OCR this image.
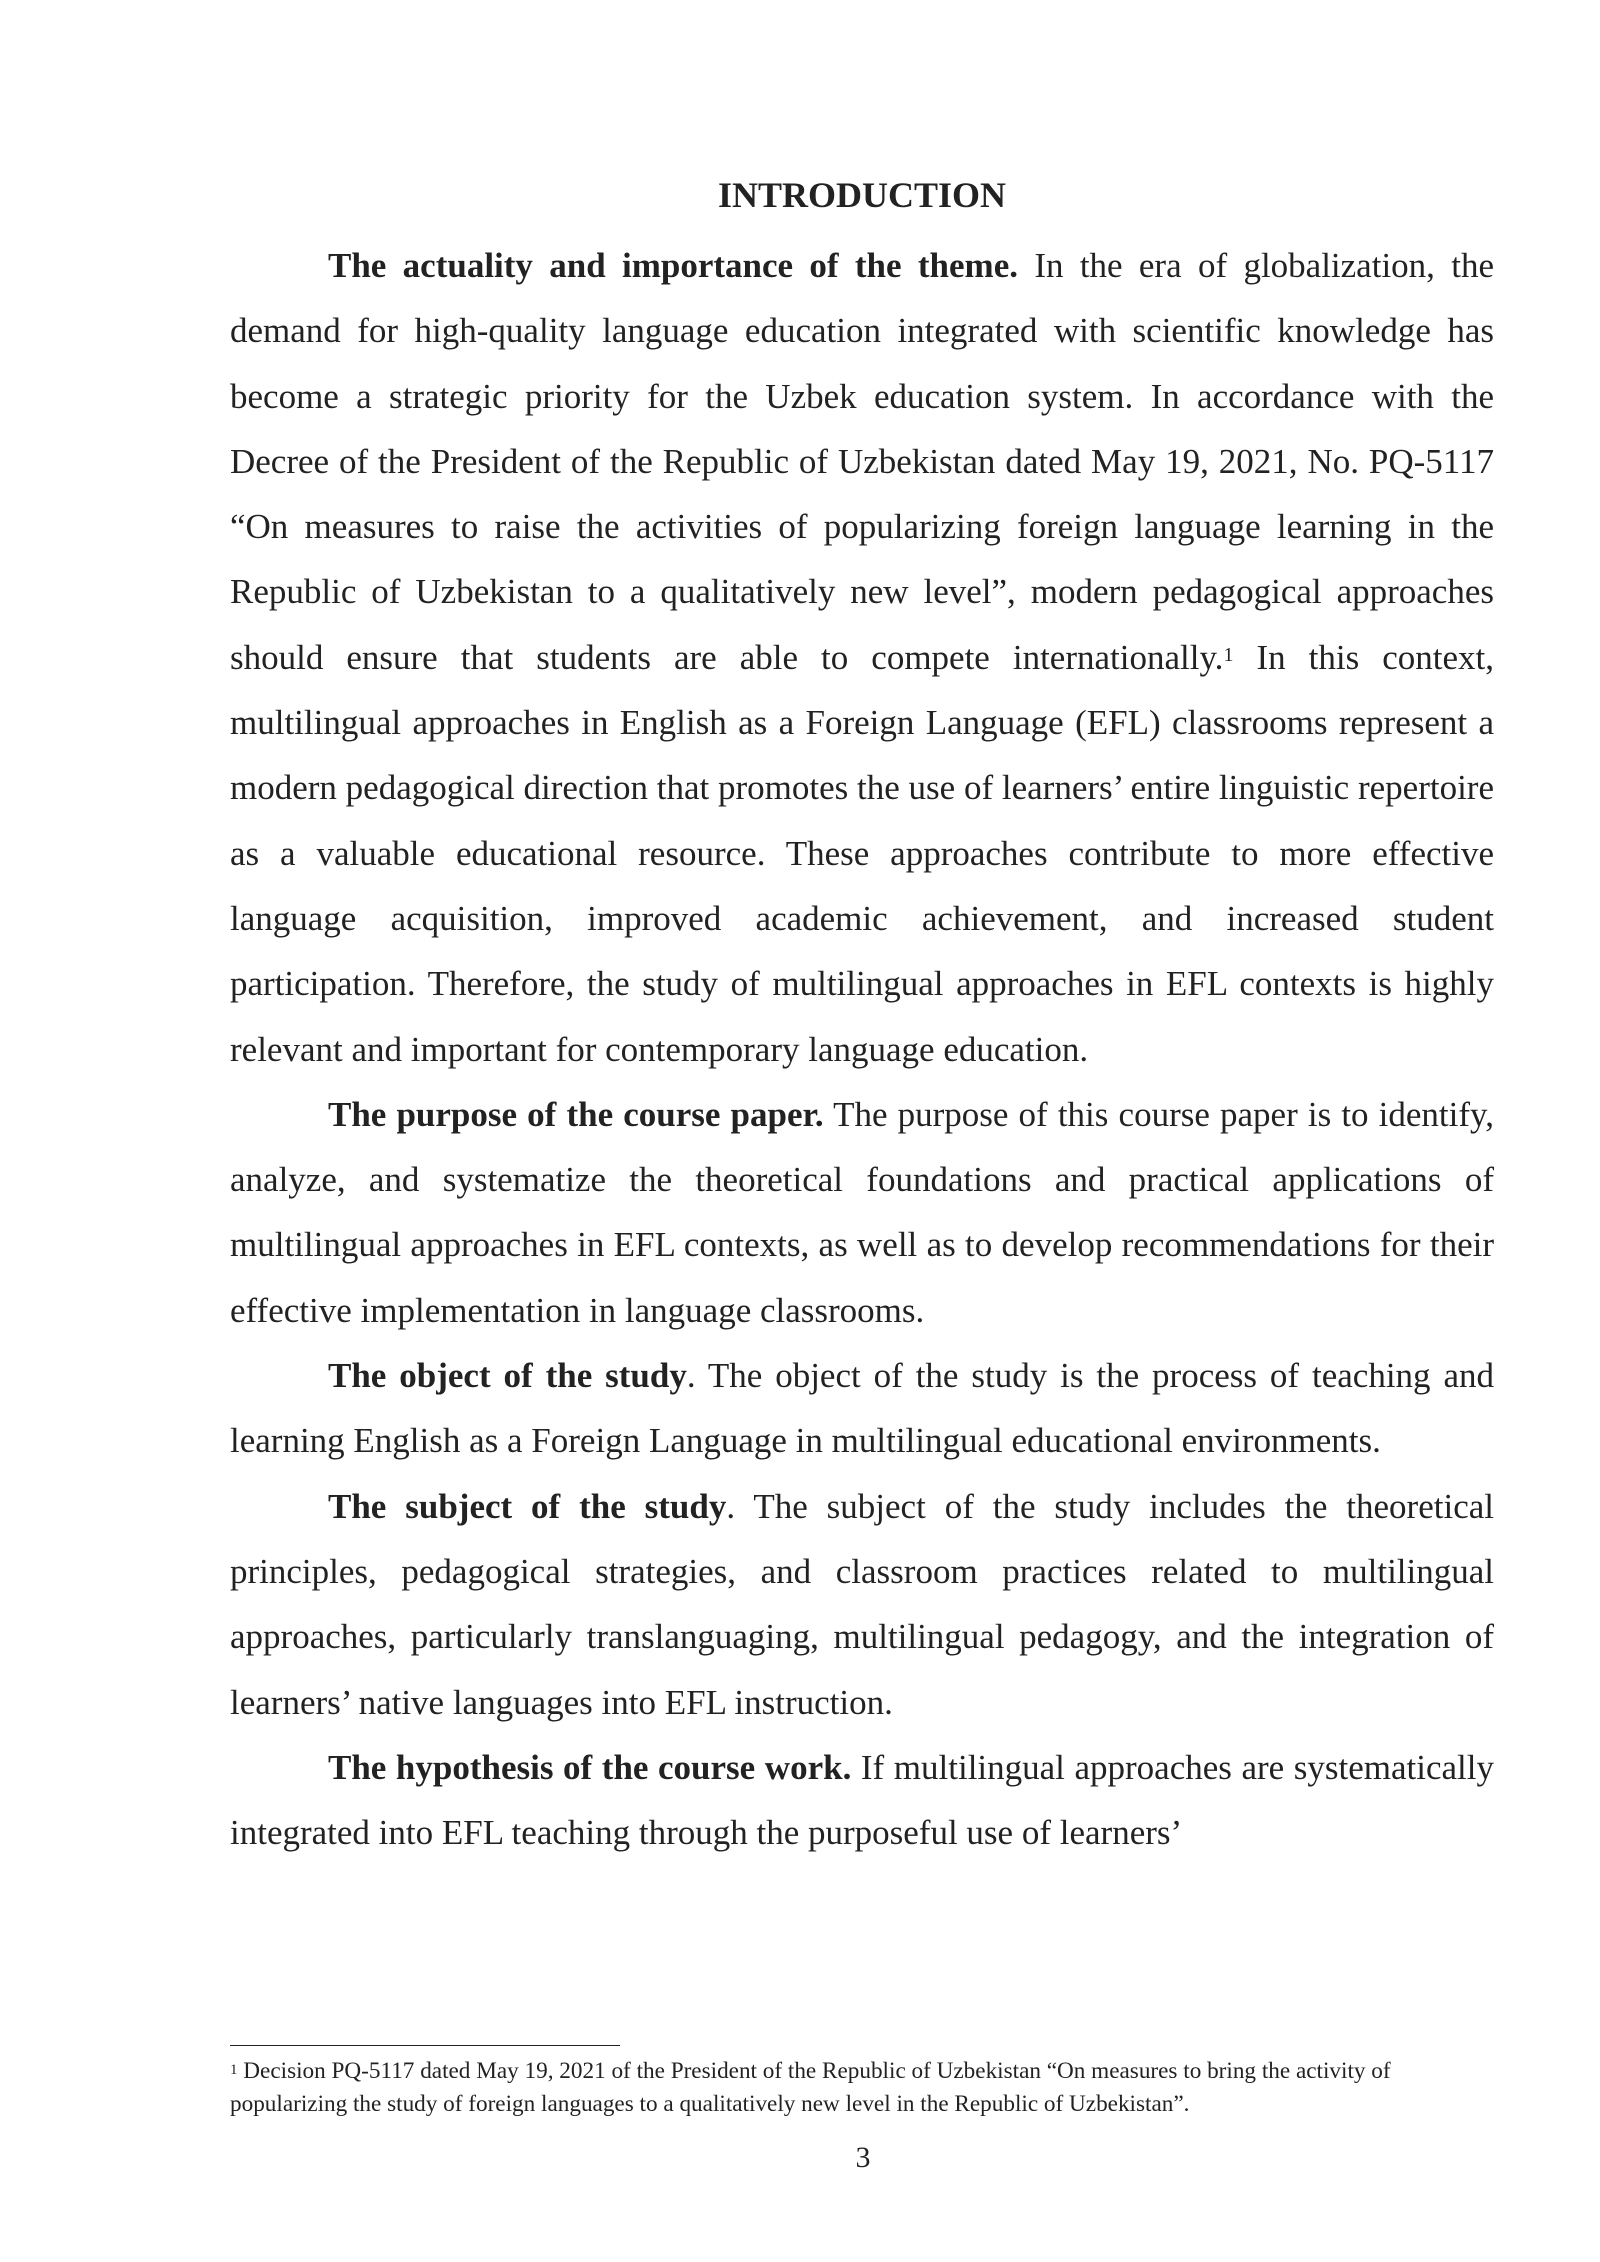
INTRODUCTION

The actuality and importance of the theme. In the era of globalization, the demand for high-quality language education integrated with scientific knowledge has become a strategic priority for the Uzbek education system. In accordance with the Decree of the President of the Republic of Uzbekistan dated May 19, 2021, No. PQ-5117 “On measures to raise the activities of popularizing foreign language learning in the Republic of Uzbekistan to a qualitatively new level”, modern pedagogical approaches should ensure that students are able to compete internationally.$^1$ In this context, multilingual approaches in English as a Foreign Language (EFL) classrooms represent a modern pedagogical direction that promotes the use of learners’ entire linguistic repertoire as a valuable educational resource. These approaches contribute to more effective language acquisition, improved academic achievement, and increased student participation. Therefore, the study of multilingual approaches in EFL contexts is highly relevant and important for contemporary language education.

The purpose of the course paper. The purpose of this course paper is to identify, analyze, and systematize the theoretical foundations and practical applications of multilingual approaches in EFL contexts, as well as to develop recommendations for their effective implementation in language classrooms.

The object of the study. The object of the study is the process of teaching and learning English as a Foreign Language in multilingual educational environments.

The subject of the study. The subject of the study includes the theoretical principles, pedagogical strategies, and classroom practices related to multilingual approaches, particularly translanguaging, multilingual pedagogy, and the integration of learners’ native languages into EFL instruction.

The hypothesis of the course work. If multilingual approaches are systematically integrated into EFL teaching through the purposeful use of learners’

$^1$ Decision PQ-5117 dated May 19, 2021 of the President of the Republic of Uzbekistan “On measures to bring the activity of popularizing the study of foreign languages to a qualitatively new level in the Republic of Uzbekistan”.

3
